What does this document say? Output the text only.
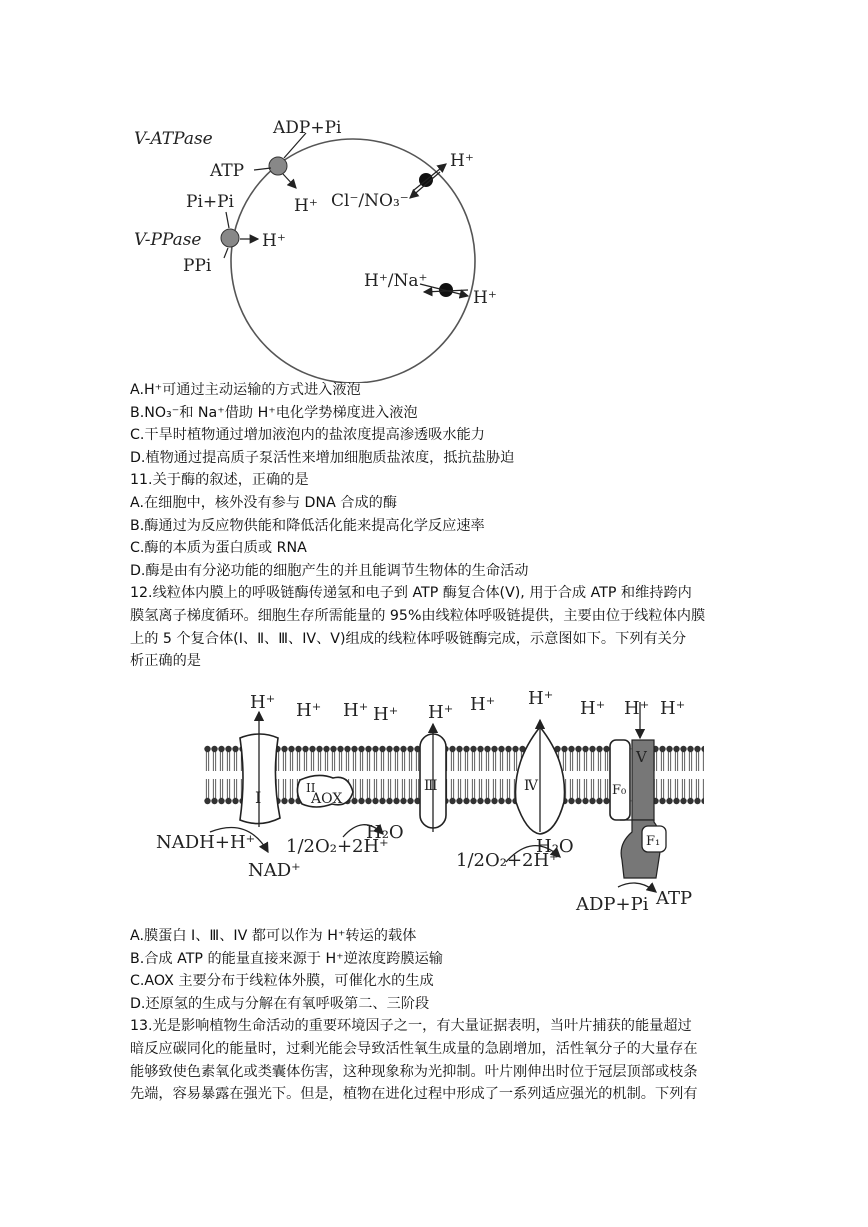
V-ATPase
ADP+Pi
ATP
H⁺
Pi+Pi
V-PPase	H⁺
PPi
Cl⁻/NO₃⁻
H⁺
H⁺/Na⁺
H⁺
A.H⁺可通过主动运输的方式进入液泡
B.NO₃⁻和 Na⁺借助 H⁺电化学势梯度进入液泡
C.干旱时植物通过增加液泡内的盐浓度提高渗透吸水能力
D.植物通过提高质子泵活性来增加细胞质盐浓度，抵抗盐胁迫
11.关于酶的叙述，正确的是
A.在细胞中，核外没有参与 DNA 合成的酶
B.酶通过为反应物供能和降低活化能来提高化学反应速率
C.酶的本质为蛋白质或 RNA
D.酶是由有分泌功能的细胞产生的并且能调节生物体的生命活动
12.线粒体内膜上的呼吸链酶传递氢和电子到 ATP 酶复合体(V), 用于合成 ATP 和维持跨内
膜氢离子梯度循环。细胞生存所需能量的 95%由线粒体呼吸链提供，主要由位于线粒体内膜
上的 5 个复合体(I、Ⅱ、Ⅲ、IV、V)组成的线粒体呼吸链酶完成，示意图如下。下列有关分
析正确的是
H⁺ H⁺ H⁺ H⁺ H⁺ H⁺ H⁺ H⁺ H⁺ H⁺
I	II
AOX
Ⅲ	Ⅳ	F₀
V
F₁
NADH+H⁺
NAD⁺
1/2O₂+2H⁺
H₂O
1/2O₂+2H⁺
H₂O
ADP+Pi ATP
A.膜蛋白 I、Ⅲ、IV 都可以作为 H⁺转运的载体
B.合成 ATP 的能量直接来源于 H⁺逆浓度跨膜运输
C.AOX 主要分布于线粒体外膜，可催化水的生成
D.还原氢的生成与分解在有氧呼吸第二、三阶段
13.光是影响植物生命活动的重要环境因子之一，有大量证据表明，当叶片捕获的能量超过
暗反应碳同化的能量时，过剩光能会导致活性氧生成量的急剧增加，活性氧分子的大量存在
能够致使色素氧化或类囊体伤害，这种现象称为光抑制。叶片刚伸出时位于冠层顶部或枝条
先端，容易暴露在强光下。但是，植物在进化过程中形成了一系列适应强光的机制。下列有
